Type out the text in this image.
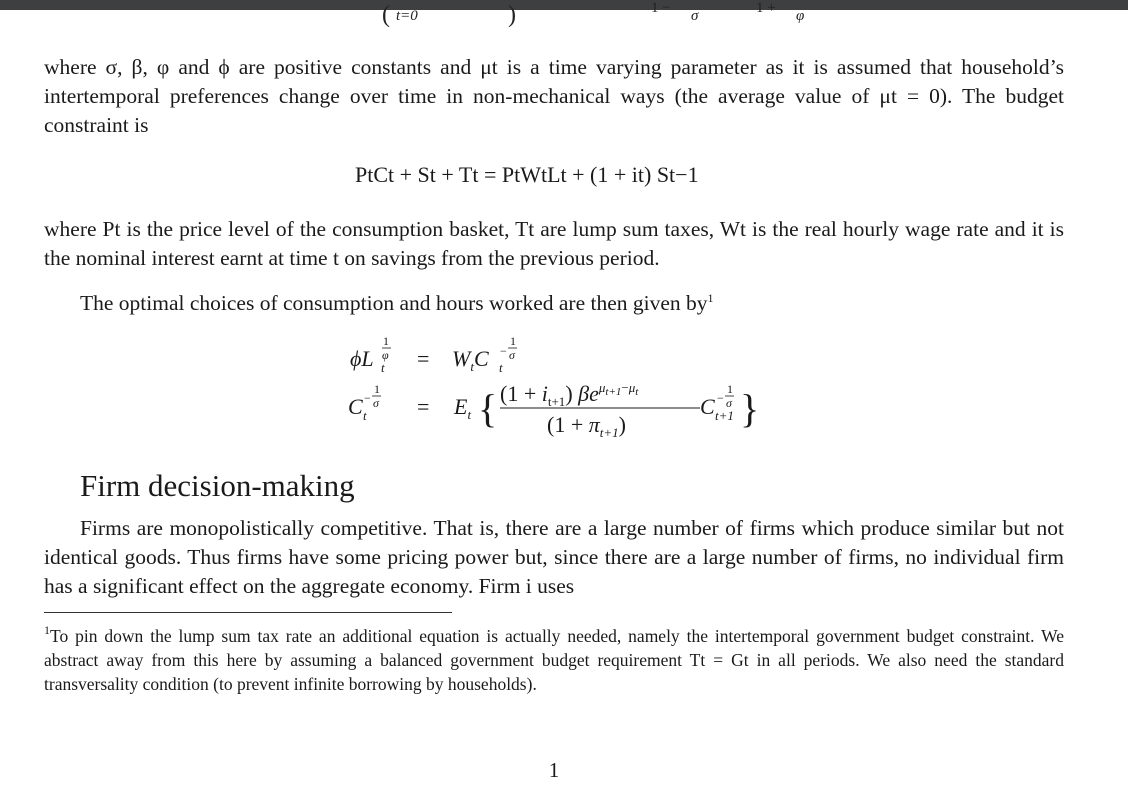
( t=0	)	1 − σ	1 + φ

where σ, β, φ and ϕ are positive constants and μt is a time varying parameter as it is assumed that household’s intertemporal preferences change over time in non-mechanical ways (the average value of μt = 0). The budget constraint is

PtCt + St + Tt = PtWtLt + (1 + it) St−1

where Pt is the price level of the consumption basket, Tt are lump sum taxes, Wt is the real hourly wage rate and it is the nominal interest earnt at time t on savings from the previous period.

The optimal choices of consumption and hours worked are then given by$^1$

ϕL t
1
$\varphi = W_tC$ t
−
1
σ
C t
−
1
$\sigma = E_t$ { $(1 + i_{t+1})$ $\beta e^\mu t+1-\mu t$
$(1 + \pi_{t+1})$
C t+1
−
1
σ }
Firm decision-making

Firms are monopolistically competitive. That is, there are a large number of firms which produce similar but not identical goods. Thus firms have some pricing power but, since there are a large number of firms, no individual firm has a significant effect on the aggregate economy. Firm i uses

$^1$To pin down the lump sum tax rate an additional equation is actually needed, namely the intertemporal government budget constraint. We abstract away from this here by assuming a balanced government budget requirement Tt = Gt in all periods. We also need the standard transversality condition (to prevent infinite borrowing by households).

1
